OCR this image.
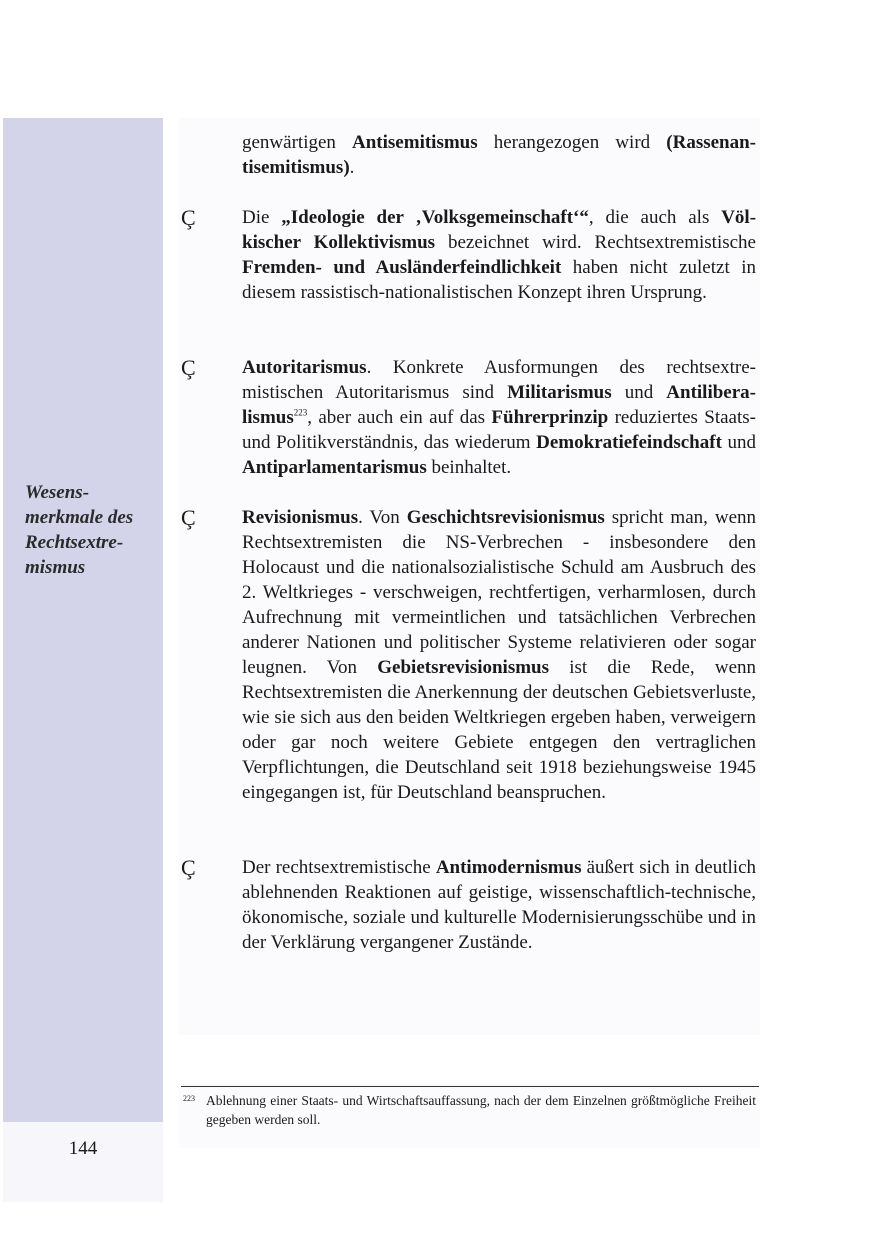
Wesens-
merkmale des
Rechtsextre-
mismus
genwärtigen Antisemitismus herangezogen wird (Rassenantisemitismus).
Ç Die „Ideologie der ‚Volksgemeinschaft‘“, die auch als Völkischer Kollektivismus bezeichnet wird. Rechtsextremistische Fremden- und Ausländerfeindlichkeit haben nicht zuletzt in diesem rassistisch-nationalistischen Konzept ihren Ursprung.
Ç Autoritarismus. Konkrete Ausformungen des rechtsextremistischen Autoritarismus sind Militarismus und Antiliberalismus$^{223}$, aber auch ein auf das Führerprinzip reduziertes Staats- und Politikverständnis, das wiederum Demokratiefeindschaft und Antiparlamentarismus beinhaltet.
Ç Revisionismus. Von Geschichtsrevisionismus spricht man, wenn Rechtsextremisten die NS-Verbrechen - insbesondere den Holocaust und die nationalsozialistische Schuld am Ausbruch des 2. Weltkrieges - verschweigen, rechtfertigen, verharmlosen, durch Aufrechnung mit vermeintlichen und tatsächlichen Verbrechen anderer Nationen und politischer Systeme relativieren oder sogar leugnen. Von Gebietsrevisionismus ist die Rede, wenn Rechtsextremisten die Anerkennung der deutschen Gebietsverluste, wie sie sich aus den beiden Weltkriegen ergeben haben, verweigern oder gar noch weitere Gebiete entgegen den vertraglichen Verpflichtungen, die Deutschland seit 1918 beziehungsweise 1945 eingegangen ist, für Deutschland beanspruchen.
Ç Der rechtsextremistische Antimodernismus äußert sich in deutlich ablehnenden Reaktionen auf geistige, wissenschaftlich-technische, ökonomische, soziale und kulturelle Modernisierungsschübe und in der Verklärung vergangener Zustände.
223 Ablehnung einer Staats- und Wirtschaftsauffassung, nach der dem Einzelnen größtmögliche Freiheit gegeben werden soll.
144
